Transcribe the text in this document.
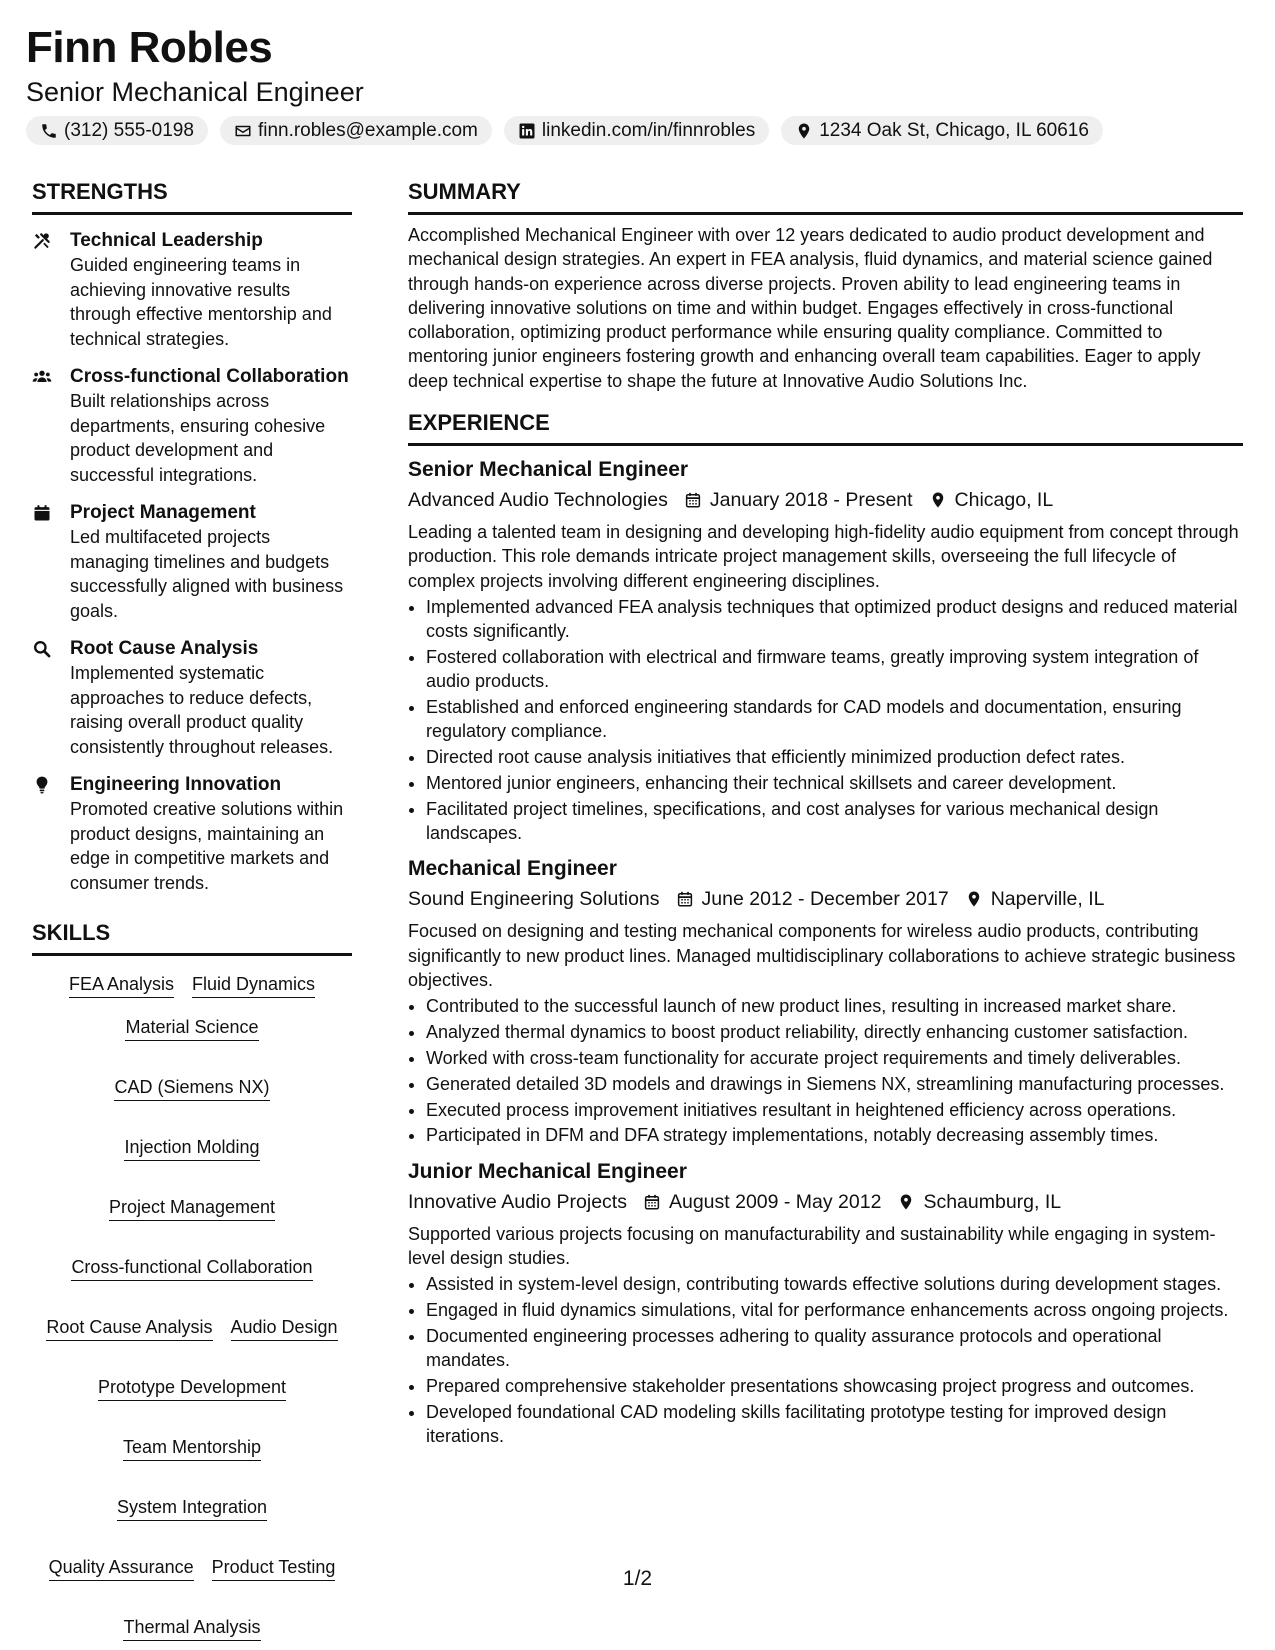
Finn Robles
Senior Mechanical Engineer
(312) 555-0198	finn.robles@example.com	linkedin.com/in/finnrobles	1234 Oak St, Chicago, IL 60616
STRENGTHS
Technical Leadership
Guided engineering teams in achieving innovative results through effective mentorship and technical strategies.
Cross-functional Collaboration
Built relationships across departments, ensuring cohesive product development and successful integrations.
Project Management
Led multifaceted projects managing timelines and budgets successfully aligned with business goals.
Root Cause Analysis
Implemented systematic approaches to reduce defects, raising overall product quality consistently throughout releases.
Engineering Innovation
Promoted creative solutions within product designs, maintaining an edge in competitive markets and consumer trends.
SKILLS
FEA Analysis Fluid Dynamics
Material Science
CAD (Siemens NX)
Injection Molding
Project Management
Cross-functional Collaboration
Root Cause Analysis Audio Design
Prototype Development
Team Mentorship
System Integration
Quality Assurance Product Testing
Thermal Analysis
SUMMARY

Accomplished Mechanical Engineer with over 12 years dedicated to audio product development and mechanical design strategies. An expert in FEA analysis, fluid dynamics, and material science gained through hands-on experience across diverse projects. Proven ability to lead engineering teams in delivering innovative solutions on time and within budget. Engages effectively in cross-functional collaboration, optimizing product performance while ensuring quality compliance. Committed to mentoring junior engineers fostering growth and enhancing overall team capabilities. Eager to apply deep technical expertise to shape the future at Innovative Audio Solutions Inc.

EXPERIENCE
Senior Mechanical Engineer
Advanced Audio Technologies January 2018 - Present Chicago, IL

Leading a talented team in designing and developing high-fidelity audio equipment from concept through production. This role demands intricate project management skills, overseeing the full lifecycle of complex projects involving different engineering disciplines.

• Implemented advanced FEA analysis techniques that optimized product designs and reduced material costs significantly.
• Fostered collaboration with electrical and firmware teams, greatly improving system integration of audio products.
• Established and enforced engineering standards for CAD models and documentation, ensuring regulatory compliance.
• Directed root cause analysis initiatives that efficiently minimized production defect rates.
• Mentored junior engineers, enhancing their technical skillsets and career development.
• Facilitated project timelines, specifications, and cost analyses for various mechanical design landscapes.
Mechanical Engineer
Sound Engineering Solutions June 2012 - December 2017 Naperville, IL

Focused on designing and testing mechanical components for wireless audio products, contributing significantly to new product lines. Managed multidisciplinary collaborations to achieve strategic business objectives.

• Contributed to the successful launch of new product lines, resulting in increased market share.
• Analyzed thermal dynamics to boost product reliability, directly enhancing customer satisfaction.
• Worked with cross-team functionality for accurate project requirements and timely deliverables.
• Generated detailed 3D models and drawings in Siemens NX, streamlining manufacturing processes.
• Executed process improvement initiatives resultant in heightened efficiency across operations.
• Participated in DFM and DFA strategy implementations, notably decreasing assembly times.
Junior Mechanical Engineer
Innovative Audio Projects August 2009 - May 2012 Schaumburg, IL

Supported various projects focusing on manufacturability and sustainability while engaging in system-level design studies.

• Assisted in system-level design, contributing towards effective solutions during development stages.
• Engaged in fluid dynamics simulations, vital for performance enhancements across ongoing projects.
• Documented engineering processes adhering to quality assurance protocols and operational mandates.
• Prepared comprehensive stakeholder presentations showcasing project progress and outcomes.
• Developed foundational CAD modeling skills facilitating prototype testing for improved design iterations.
1/2
